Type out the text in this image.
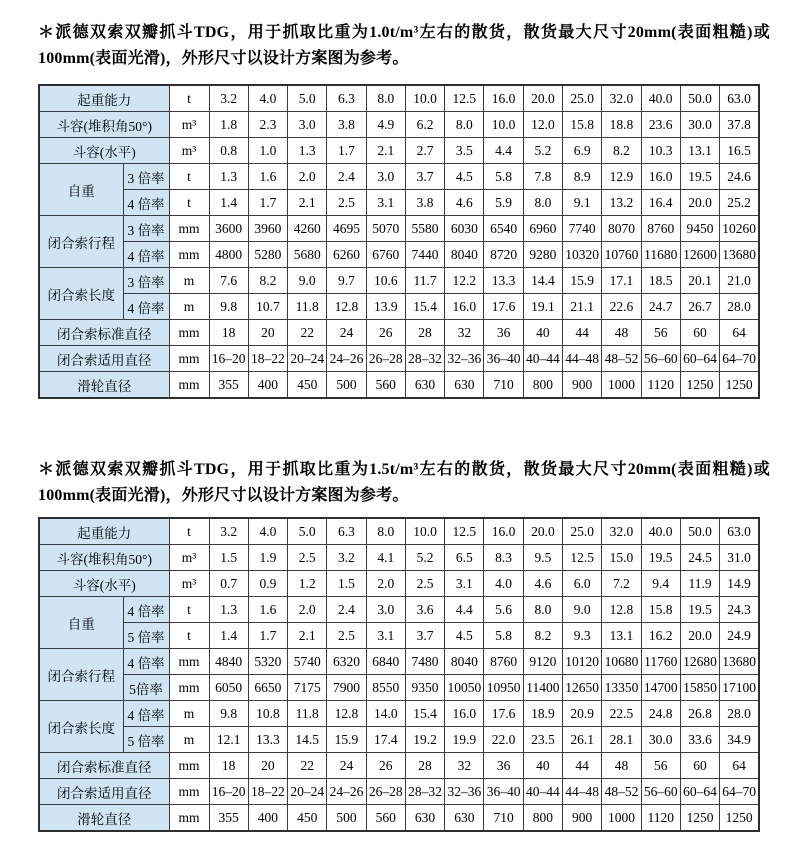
＊派德双索双瓣抓斗TDG，用于抓取比重为1.0t/m³左右的散货，散货最大尺寸20mm(表面粗糙)或100mm(表面光滑)，外形尺寸以设计方案图为参考。

起重能力		t	3.2	4.0	5.0	6.3	8.0	10.0	12.5	16.0	20.0	25.0	32.0	40.0	50.0	63.0
斗容(堆积角50°)		m³	1.8	2.3	3.0	3.8	4.9	6.2	8.0	10.0	12.0	15.8	18.8	23.6	30.0	37.8
斗容(水平)		m³	0.8	1.0	1.3	1.7	2.1	2.7	3.5	4.4	5.2	6.9	8.2	10.3	13.1	16.5
自重	3 倍率	t	1.3	1.6	2.0	2.4	3.0	3.7	4.5	5.8	7.8	8.9	12.9	16.0	19.5	24.6
	4 倍率	t	1.4	1.7	2.1	2.5	3.1	3.8	4.6	5.9	8.0	9.1	13.2	16.4	20.0	25.2
闭合索行程	3 倍率	mm	3600	3960	4260	4695	5070	5580	6030	6540	6960	7740	8070	8760	9450	10260
	4 倍率	mm	4800	5280	5680	6260	6760	7440	8040	8720	9280	10320	10760	11680	12600	13680
闭合索长度	3 倍率	m	7.6	8.2	9.0	9.7	10.6	11.7	12.2	13.3	14.4	15.9	17.1	18.5	20.1	21.0
	4 倍率	m	9.8	10.7	11.8	12.8	13.9	15.4	16.0	17.6	19.1	21.1	22.6	24.7	26.7	28.0
闭合索标准直径		mm	18	20	22	24	26	28	32	36	40	44	48	56	60	64
闭合索适用直径		mm	16–20	18–22	20–24	24–26	26–28	28–32	32–36	36–40	40–44	44–48	48–52	56–60	60–64	64–70
滑轮直径		mm	355	400	450	500	560	630	630	710	800	900	1000	1120	1250	1250

＊派德双索双瓣抓斗TDG，用于抓取比重为1.5t/m³左右的散货，散货最大尺寸20mm(表面粗糙)或100mm(表面光滑)，外形尺寸以设计方案图为参考。

起重能力		t	3.2	4.0	5.0	6.3	8.0	10.0	12.5	16.0	20.0	25.0	32.0	40.0	50.0	63.0
斗容(堆积角50°)		m³	1.5	1.9	2.5	3.2	4.1	5.2	6.5	8.3	9.5	12.5	15.0	19.5	24.5	31.0
斗容(水平)		m³	0.7	0.9	1.2	1.5	2.0	2.5	3.1	4.0	4.6	6.0	7.2	9.4	11.9	14.9
自重	4 倍率	t	1.3	1.6	2.0	2.4	3.0	3.6	4.4	5.6	8.0	9.0	12.8	15.8	19.5	24.3
	5 倍率	t	1.4	1.7	2.1	2.5	3.1	3.7	4.5	5.8	8.2	9.3	13.1	16.2	20.0	24.9
闭合索行程	4 倍率	mm	4840	5320	5740	6320	6840	7480	8040	8760	9120	10120	10680	11760	12680	13680
	5倍率	mm	6050	6650	7175	7900	8550	9350	10050	10950	11400	12650	13350	14700	15850	17100
闭合索长度	4 倍率	m	9.8	10.8	11.8	12.8	14.0	15.4	16.0	17.6	18.9	20.9	22.5	24.8	26.8	28.0
	5 倍率	m	12.1	13.3	14.5	15.9	17.4	19.2	19.9	22.0	23.5	26.1	28.1	30.0	33.6	34.9
闭合索标准直径		mm	18	20	22	24	26	28	32	36	40	44	48	56	60	64
闭合索适用直径		mm	16–20	18–22	20–24	24–26	26–28	28–32	32–36	36–40	40–44	44–48	48–52	56–60	60–64	64–70
滑轮直径		mm	355	400	450	500	560	630	630	710	800	900	1000	1120	1250	1250
